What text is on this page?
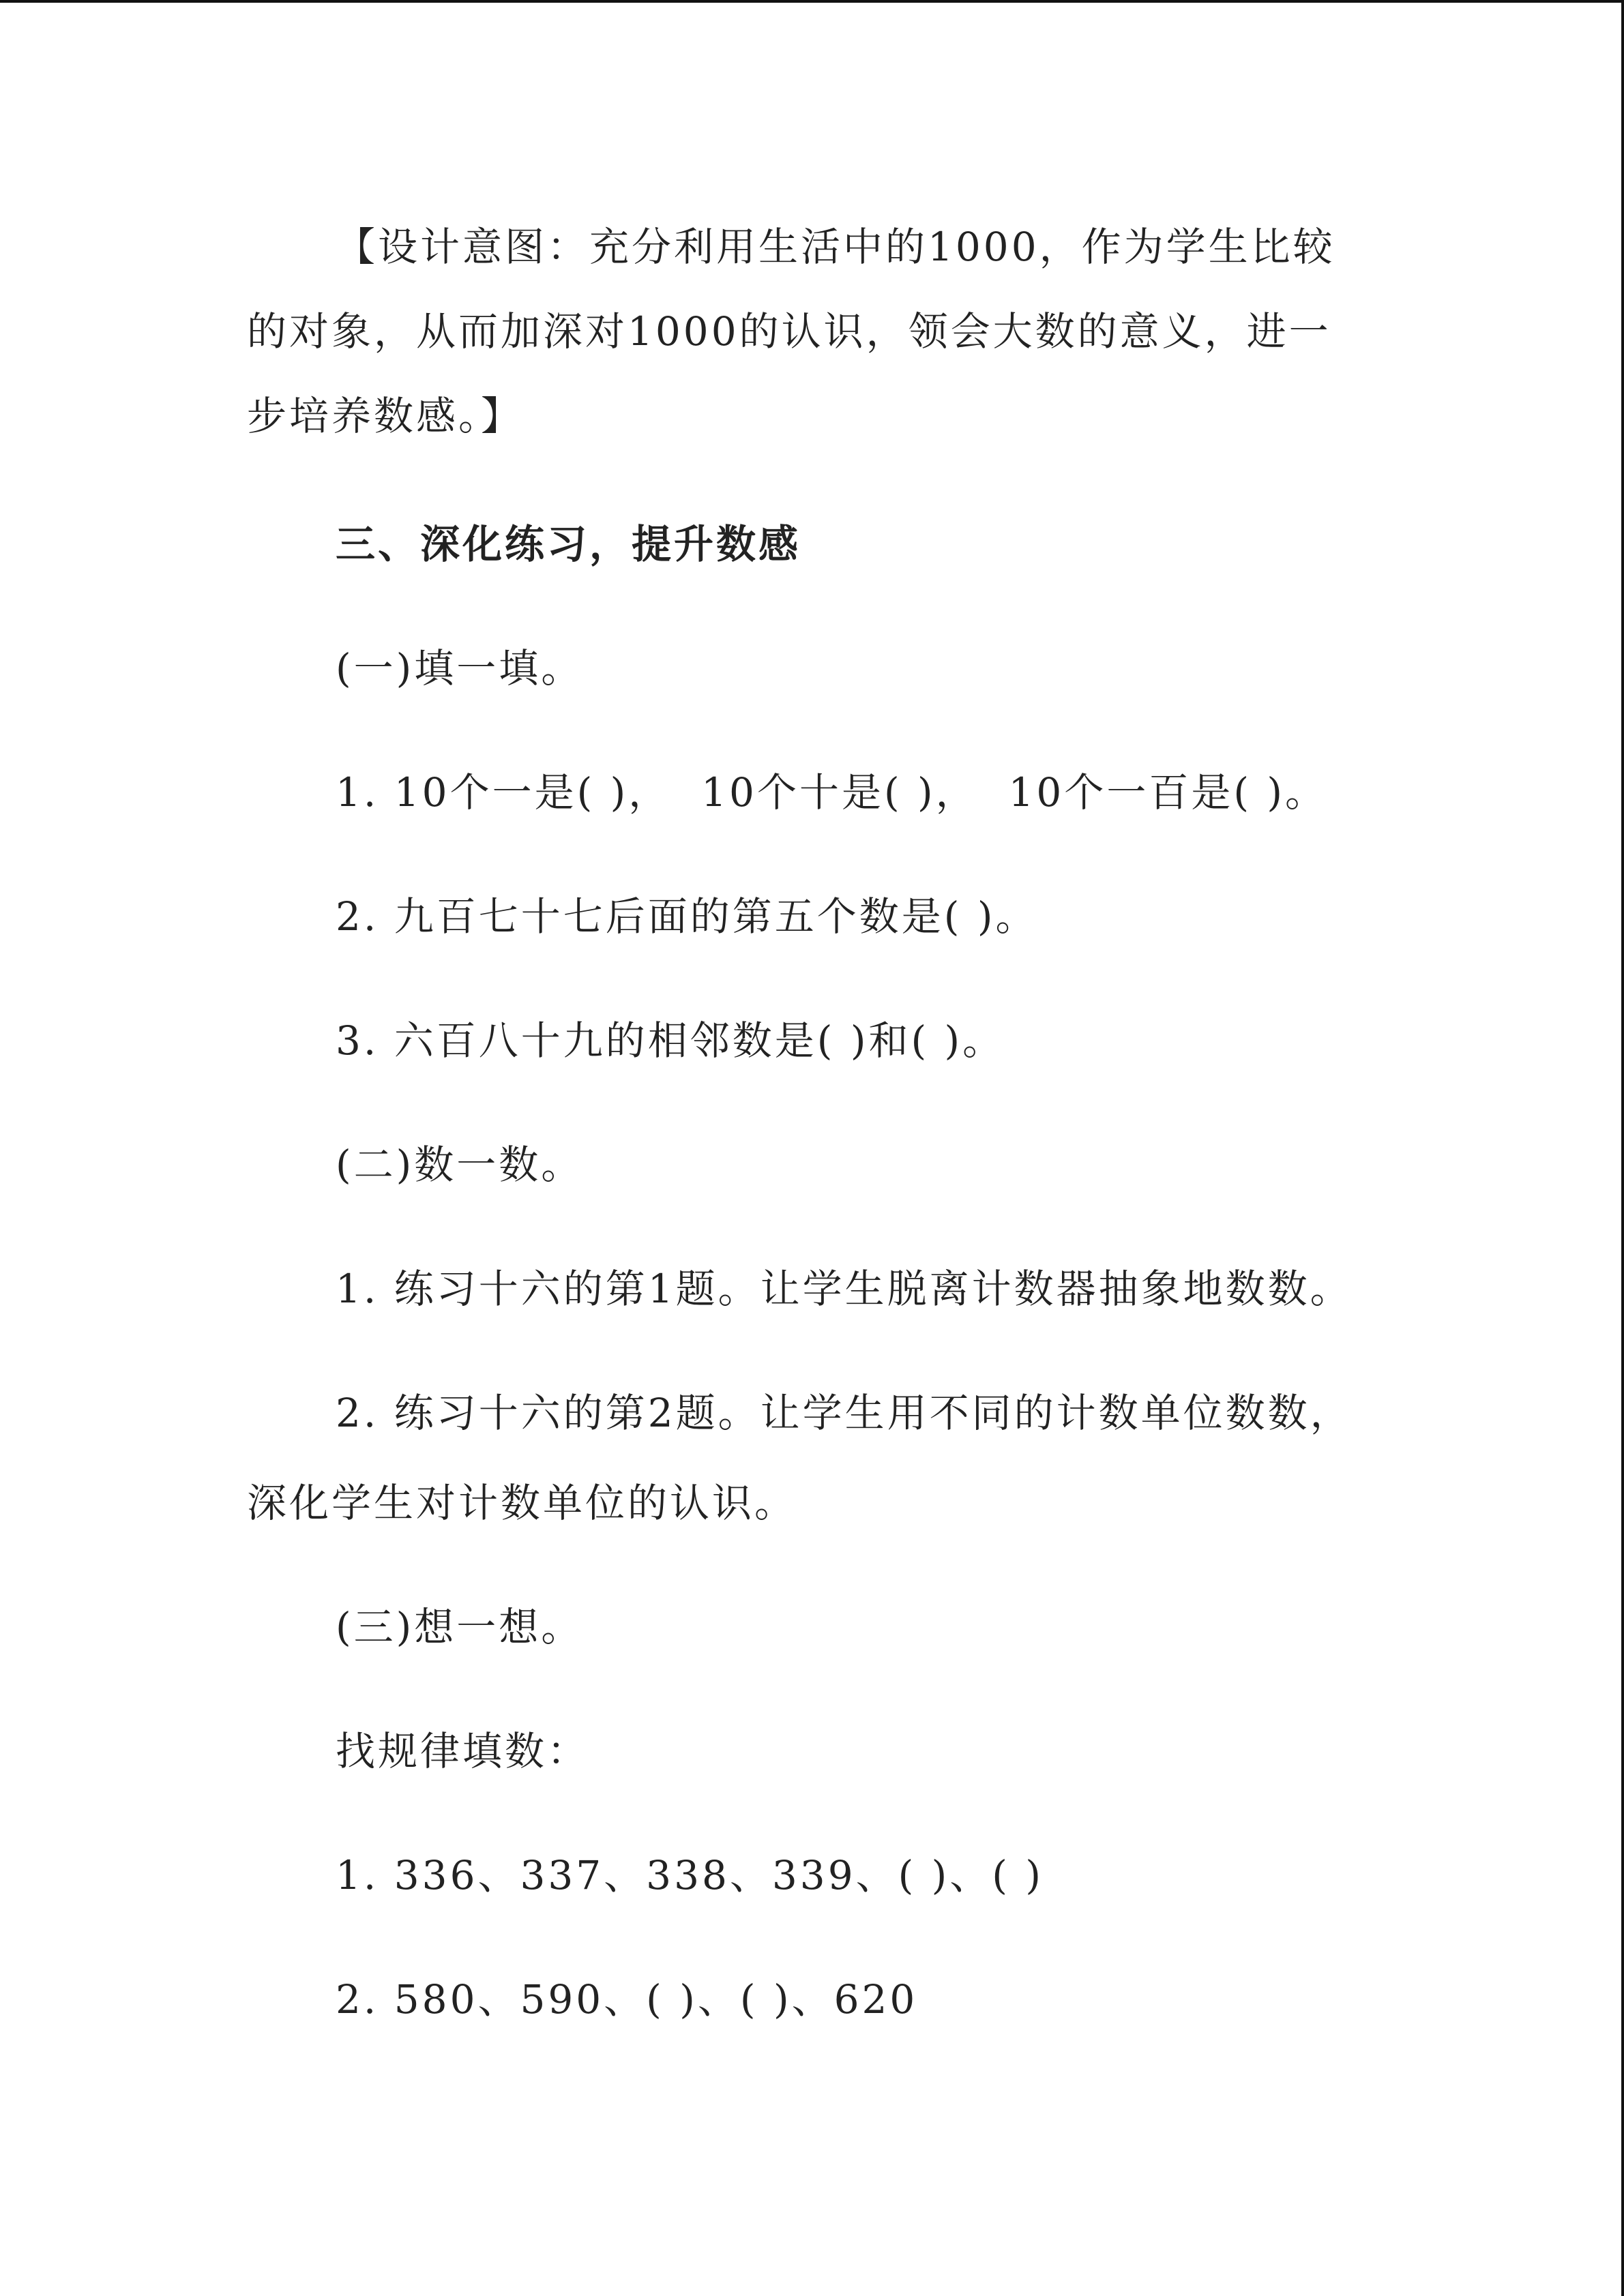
【设计意图：充分利用生活中的1000，作为学生比较的对象，从而加深对1000的认识，领会大数的意义，进一步培养数感。】

三、深化练习，提升数感

(一)填一填。

1. 10个一是( )，  10个十是( )，  10个一百是( )。

2. 九百七十七后面的第五个数是( )。

3. 六百八十九的相邻数是( )和( )。

(二)数一数。

1. 练习十六的第1题。让学生脱离计数器抽象地数数。

2. 练习十六的第2题。让学生用不同的计数单位数数，深化学生对计数单位的认识。

(三)想一想。

找规律填数：

1. 336、337、338、339、( )、( )

2. 580、590、( )、( )、620
